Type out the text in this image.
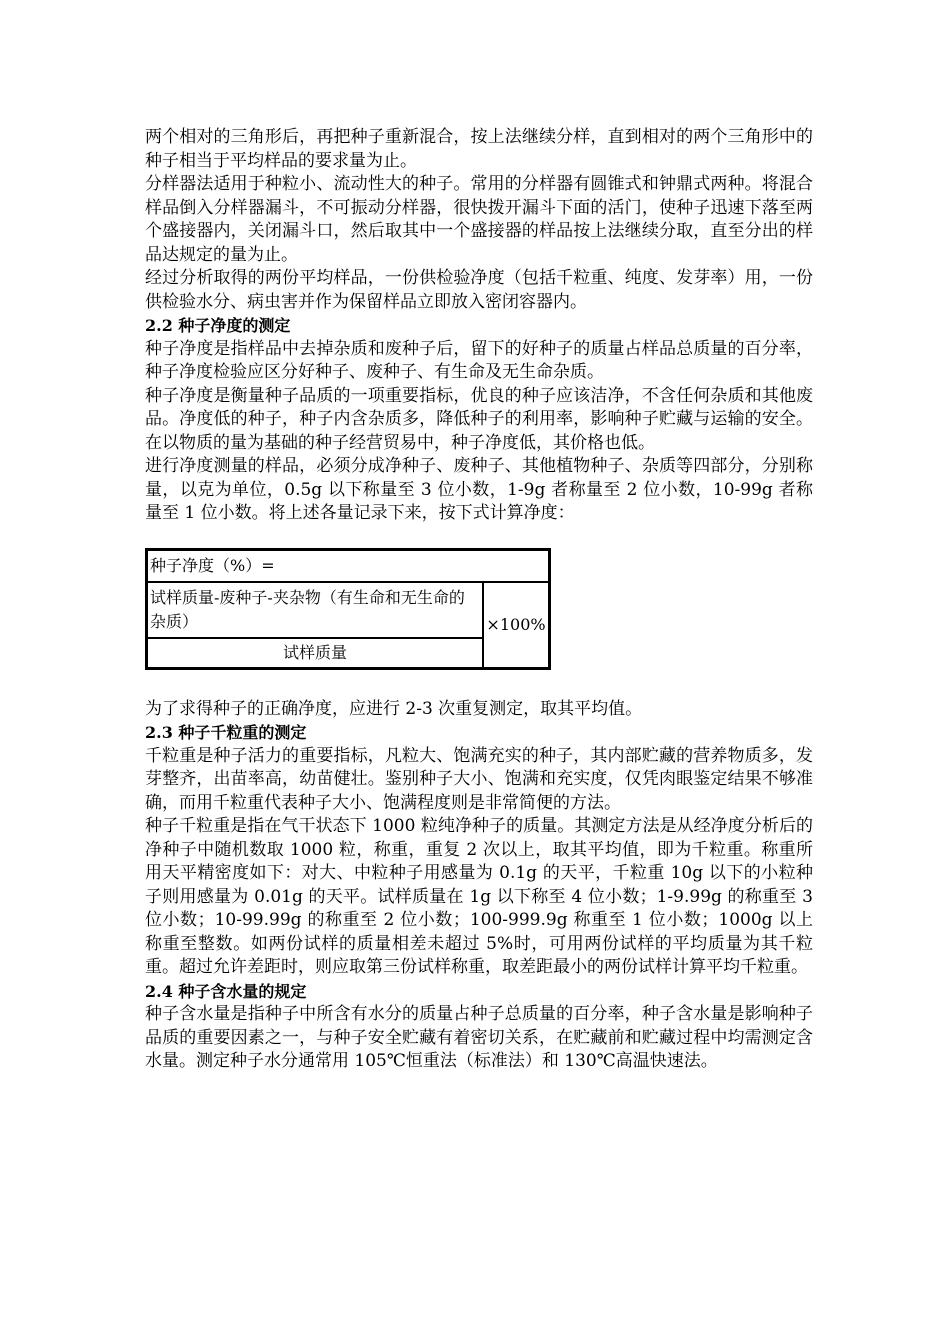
两个相对的三角形后，再把种子重新混合，按上法继续分样，直到相对的两个三角形中的种子相当于平均样品的要求量为止。

分样器法适用于种粒小、流动性大的种子。常用的分样器有圆锥式和钟鼎式两种。将混合样品倒入分样器漏斗，不可振动分样器，很快拨开漏斗下面的活门，使种子迅速下落至两个盛接器内，关闭漏斗口，然后取其中一个盛接器的样品按上法继续分取，直至分出的样品达规定的量为止。

经过分析取得的两份平均样品，一份供检验净度（包括千粒重、纯度、发芽率）用，一份供检验水分、病虫害并作为保留样品立即放入密闭容器内。

2.2 种子净度的测定

种子净度是指样品中去掉杂质和废种子后，留下的好种子的质量占样品总质量的百分率，种子净度检验应区分好种子、废种子、有生命及无生命杂质。

种子净度是衡量种子品质的一项重要指标，优良的种子应该洁净，不含任何杂质和其他废品。净度低的种子，种子内含杂质多，降低种子的利用率，影响种子贮藏与运输的安全。在以物质的量为基础的种子经营贸易中，种子净度低，其价格也低。

进行净度测量的样品，必须分成净种子、废种子、其他植物种子、杂质等四部分，分别称量，以克为单位，0.5g 以下称量至 3 位小数，1-9g 者称量至 2 位小数，10-99g 者称量至 1 位小数。将上述各量记录下来，按下式计算净度：

种子净度（%）=
试样质量-废种子-夹杂物（有生命和无生命的杂质）	×100%
试样质量

为了求得种子的正确净度，应进行 2-3 次重复测定，取其平均值。

2.3 种子千粒重的测定

千粒重是种子活力的重要指标，凡粒大、饱满充实的种子，其内部贮藏的营养物质多，发芽整齐，出苗率高，幼苗健壮。鉴别种子大小、饱满和充实度，仅凭肉眼鉴定结果不够准确，而用千粒重代表种子大小、饱满程度则是非常简便的方法。

种子千粒重是指在气干状态下 1000 粒纯净种子的质量。其测定方法是从经净度分析后的净种子中随机数取 1000 粒，称重，重复 2 次以上，取其平均值，即为千粒重。称重所用天平精密度如下：对大、中粒种子用感量为 0.1g 的天平，千粒重 10g 以下的小粒种子则用感量为 0.01g 的天平。试样质量在 1g 以下称至 4 位小数；1-9.99g 的称重至 3 位小数；10-99.99g 的称重至 2 位小数；100-999.9g 称重至 1 位小数；1000g 以上称重至整数。如两份试样的质量相差未超过 5%时，可用两份试样的平均质量为其千粒重。超过允许差距时，则应取第三份试样称重，取差距最小的两份试样计算平均千粒重。

2.4 种子含水量的规定

种子含水量是指种子中所含有水分的质量占种子总质量的百分率，种子含水量是影响种子品质的重要因素之一，与种子安全贮藏有着密切关系，在贮藏前和贮藏过程中均需测定含水量。测定种子水分通常用 105℃恒重法（标准法）和 130℃高温快速法。
